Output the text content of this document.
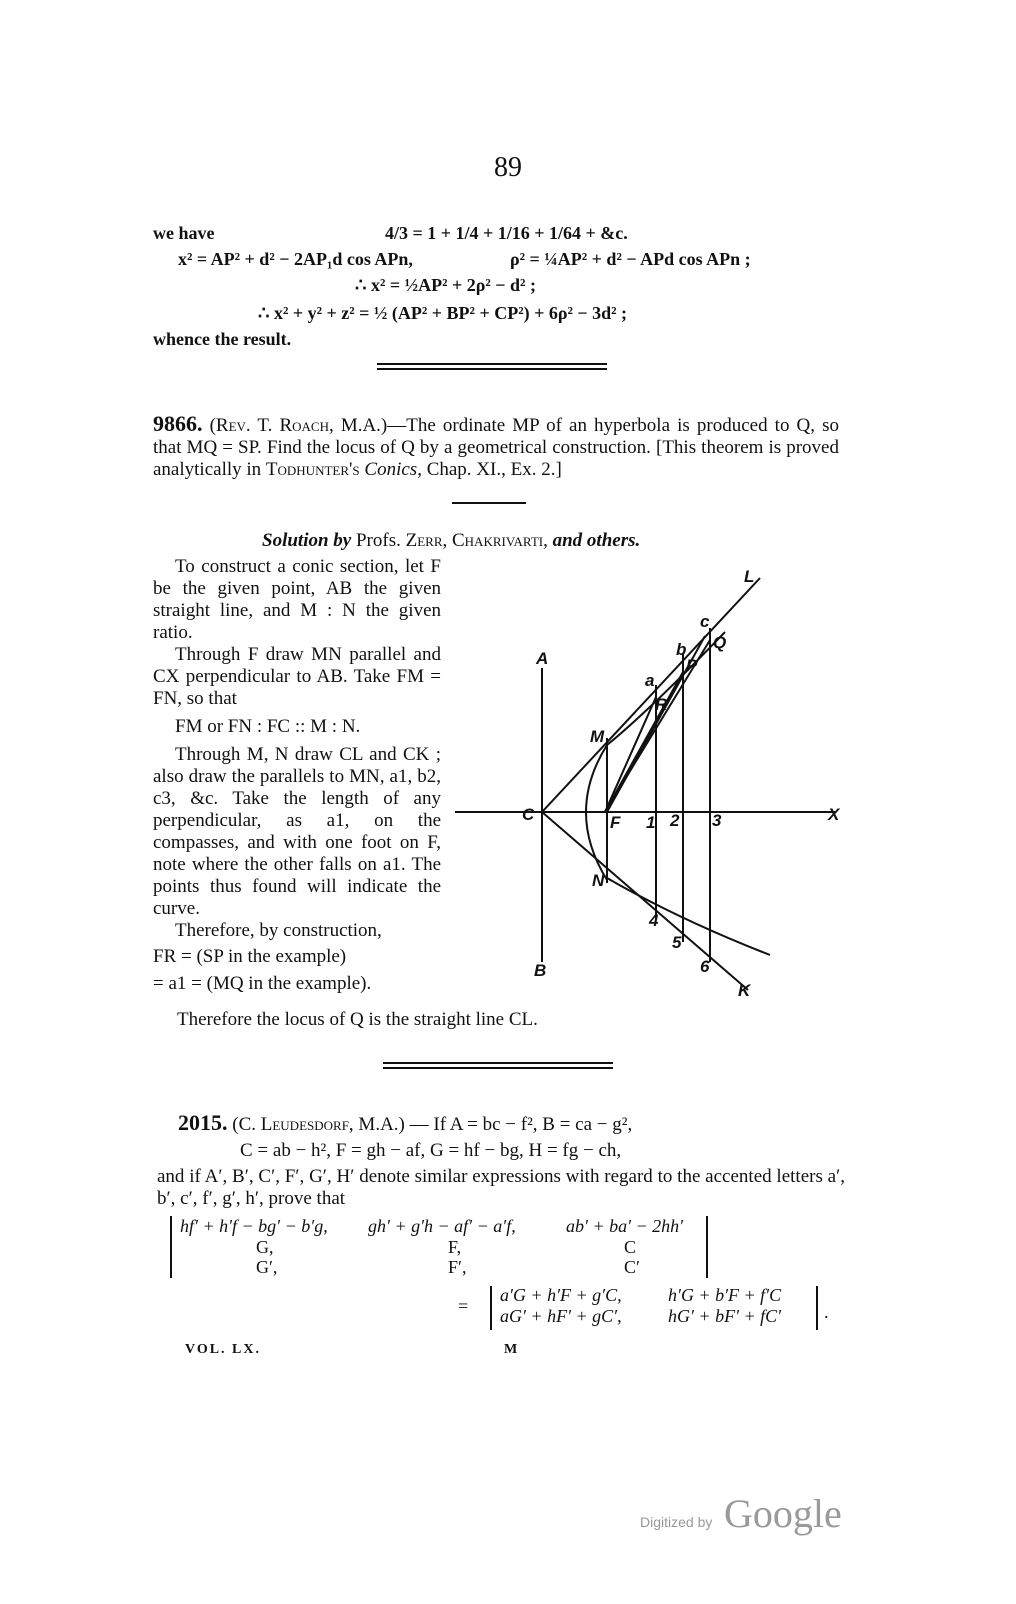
89
we have	4/3 = 1 + 1/4 + 1/16 + 1/64 + &c.
x² = AP² + d² − 2AP₁d cos APn,	ρ² = ¼AP² + d² − APd cos APn ;
∴ x² = ½AP² + 2ρ² − d² ;
∴ x² + y² + z² = ½ (AP² + BP² + CP²) + 6ρ² − 3d² ;
whence the result.
9866. (Rev. T. Roach, M.A.)—The ordinate MP of an hyperbola is produced to Q, so that MQ = SP. Find the locus of Q by a geometrical construction. [This theorem is proved analytically in Todhunter's Conics, Chap. XI., Ex. 2.]
Solution by Profs. Zerr, Chakrivarti, and others.

To construct a conic section, let F be the given point, AB the given straight line, and M : N the given ratio.

Through F draw MN parallel and CX perpendicular to AB. Take FM = FN, so that

FM or FN : FC :: M : N.

Through M, N draw CL and CK ; also draw the parallels to MN, a1, b2, c3, &c. Take the length of any perpendicular, as a1, on the compasses, and with one foot on F, note where the other falls on a1. The points thus found will indicate the curve.

Therefore, by construction,

FR = (SP in the example)

= a1 = (MQ in the example).

Therefore the locus of Q is the straight line CL.
L
c
Q
b
P
A
a
R
M
C	F 1 2 3	X
N
4
5
B	6
K
2015. (C. Leudesdorf, M.A.) — If A = bc − f², B = ca − g²,
C = ab − h², F = gh − af, G = hf − bg, H = fg − ch,
and if A′, B′, C′, F′, G′, H′ denote similar expressions with regard to the accented letters a′, b′, c′, f′, g′, h′, prove that
hf′ + h′f − bg′ − b′g, gh′ + g′h − af′ − a′f,	ab′ + ba′ − 2hh′
G,	F,	C
G′,	F′,	C′
=
a′G + h′F + g′C,	h′G + b′F + f′C
aG′ + hF′ + gC′,	hG′ + bF′ + fC′ .
VOL. LX.	M
Digitized by Google
